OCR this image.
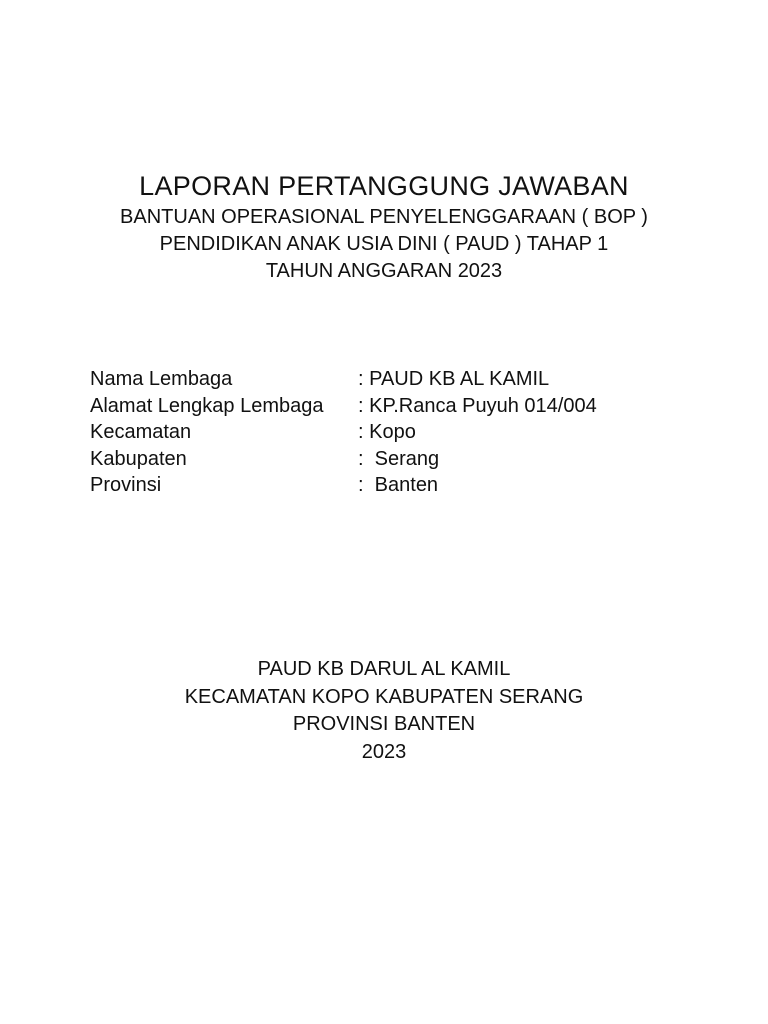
LAPORAN PERTANGGUNG JAWABAN

BANTUAN OPERASIONAL PENYELENGGARAAN ( BOP )

PENDIDIKAN ANAK USIA DINI ( PAUD ) TAHAP 1

TAHUN ANGGARAN 2023

Nama Lembaga	: PAUD KB AL KAMIL
Alamat Lengkap Lembaga	: KP.Ranca Puyuh 014/004
Kecamatan	: Kopo
Kabupaten	:  Serang
Provinsi	:  Banten

PAUD KB DARUL AL KAMIL

KECAMATAN KOPO KABUPATEN SERANG

PROVINSI BANTEN

2023
